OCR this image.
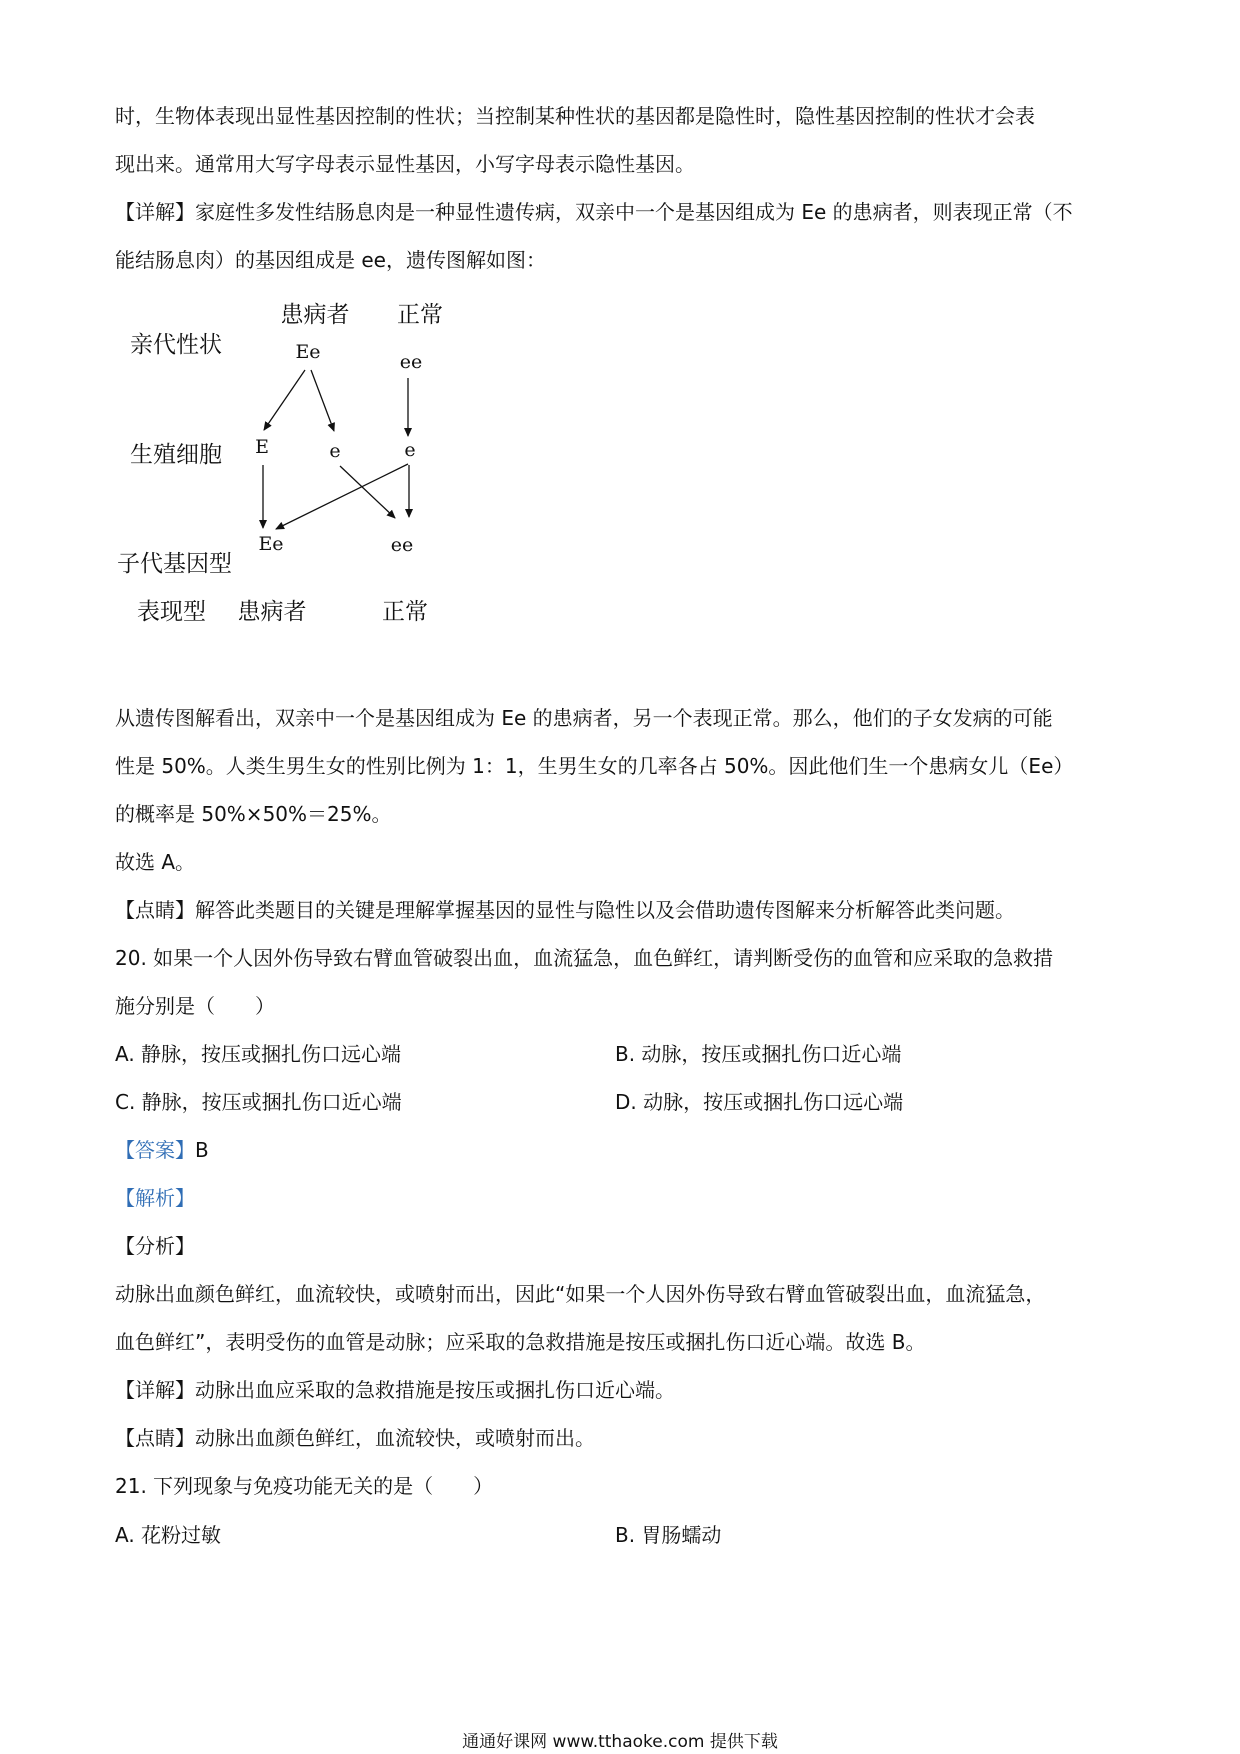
时，生物体表现出显性基因控制的性状；当控制某种性状的基因都是隐性时，隐性基因控制的性状才会表
现出来。通常用大写字母表示显性基因，小写字母表示隐性基因。
【详解】家庭性多发性结肠息肉是一种显性遗传病，双亲中一个是基因组成为 Ee 的患病者，则表现正常（不
能结肠息肉）的基因组成是 ee，遗传图解如图：
亲代性状
生殖细胞
子代基因型
表现型
患病者 正常
Ee	ee
E	e	e
Ee	ee
患病者	正常
从遗传图解看出，双亲中一个是基因组成为 Ee 的患病者，另一个表现正常。那么，他们的子女发病的可能
性是 50%。人类生男生女的性别比例为 1：1，生男生女的几率各占 50%。因此他们生一个患病女儿（Ee）
的概率是 50%×50%＝25%。
故选 A。
【点睛】解答此类题目的关键是理解掌握基因的显性与隐性以及会借助遗传图解来分析解答此类问题。
20. 如果一个人因外伤导致右臂血管破裂出血，血流猛急，血色鲜红，请判断受伤的血管和应采取的急救措
施分别是（　　）
A. 静脉，按压或捆扎伤口远心端	B. 动脉，按压或捆扎伤口近心端
C. 静脉，按压或捆扎伤口近心端	D. 动脉，按压或捆扎伤口远心端
【答案】B
【解析】
【分析】
动脉出血颜色鲜红，血流较快，或喷射而出，因此“如果一个人因外伤导致右臂血管破裂出血，血流猛急，
血色鲜红”，表明受伤的血管是动脉；应采取的急救措施是按压或捆扎伤口近心端。故选 B。
【详解】动脉出血应采取的急救措施是按压或捆扎伤口近心端。
【点睛】动脉出血颜色鲜红，血流较快，或喷射而出。
21. 下列现象与免疫功能无关的是（　　）
A. 花粉过敏	B. 胃肠蠕动
通通好课网 www.tthaoke.com 提供下载
